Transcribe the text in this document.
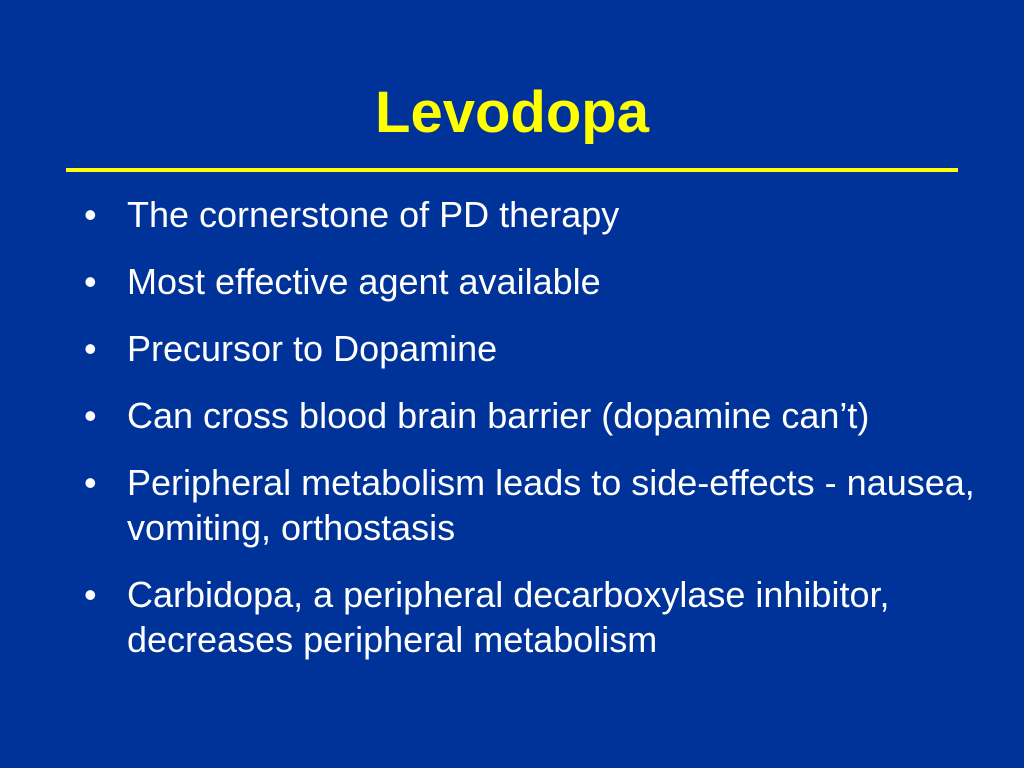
Levodopa
• The cornerstone of PD therapy
• Most effective agent available
• Precursor to Dopamine
• Can cross blood brain barrier (dopamine can’t)
• Peripheral metabolism leads to side-effects - nausea, vomiting, orthostasis
• Carbidopa, a peripheral decarboxylase inhibitor, decreases peripheral metabolism
